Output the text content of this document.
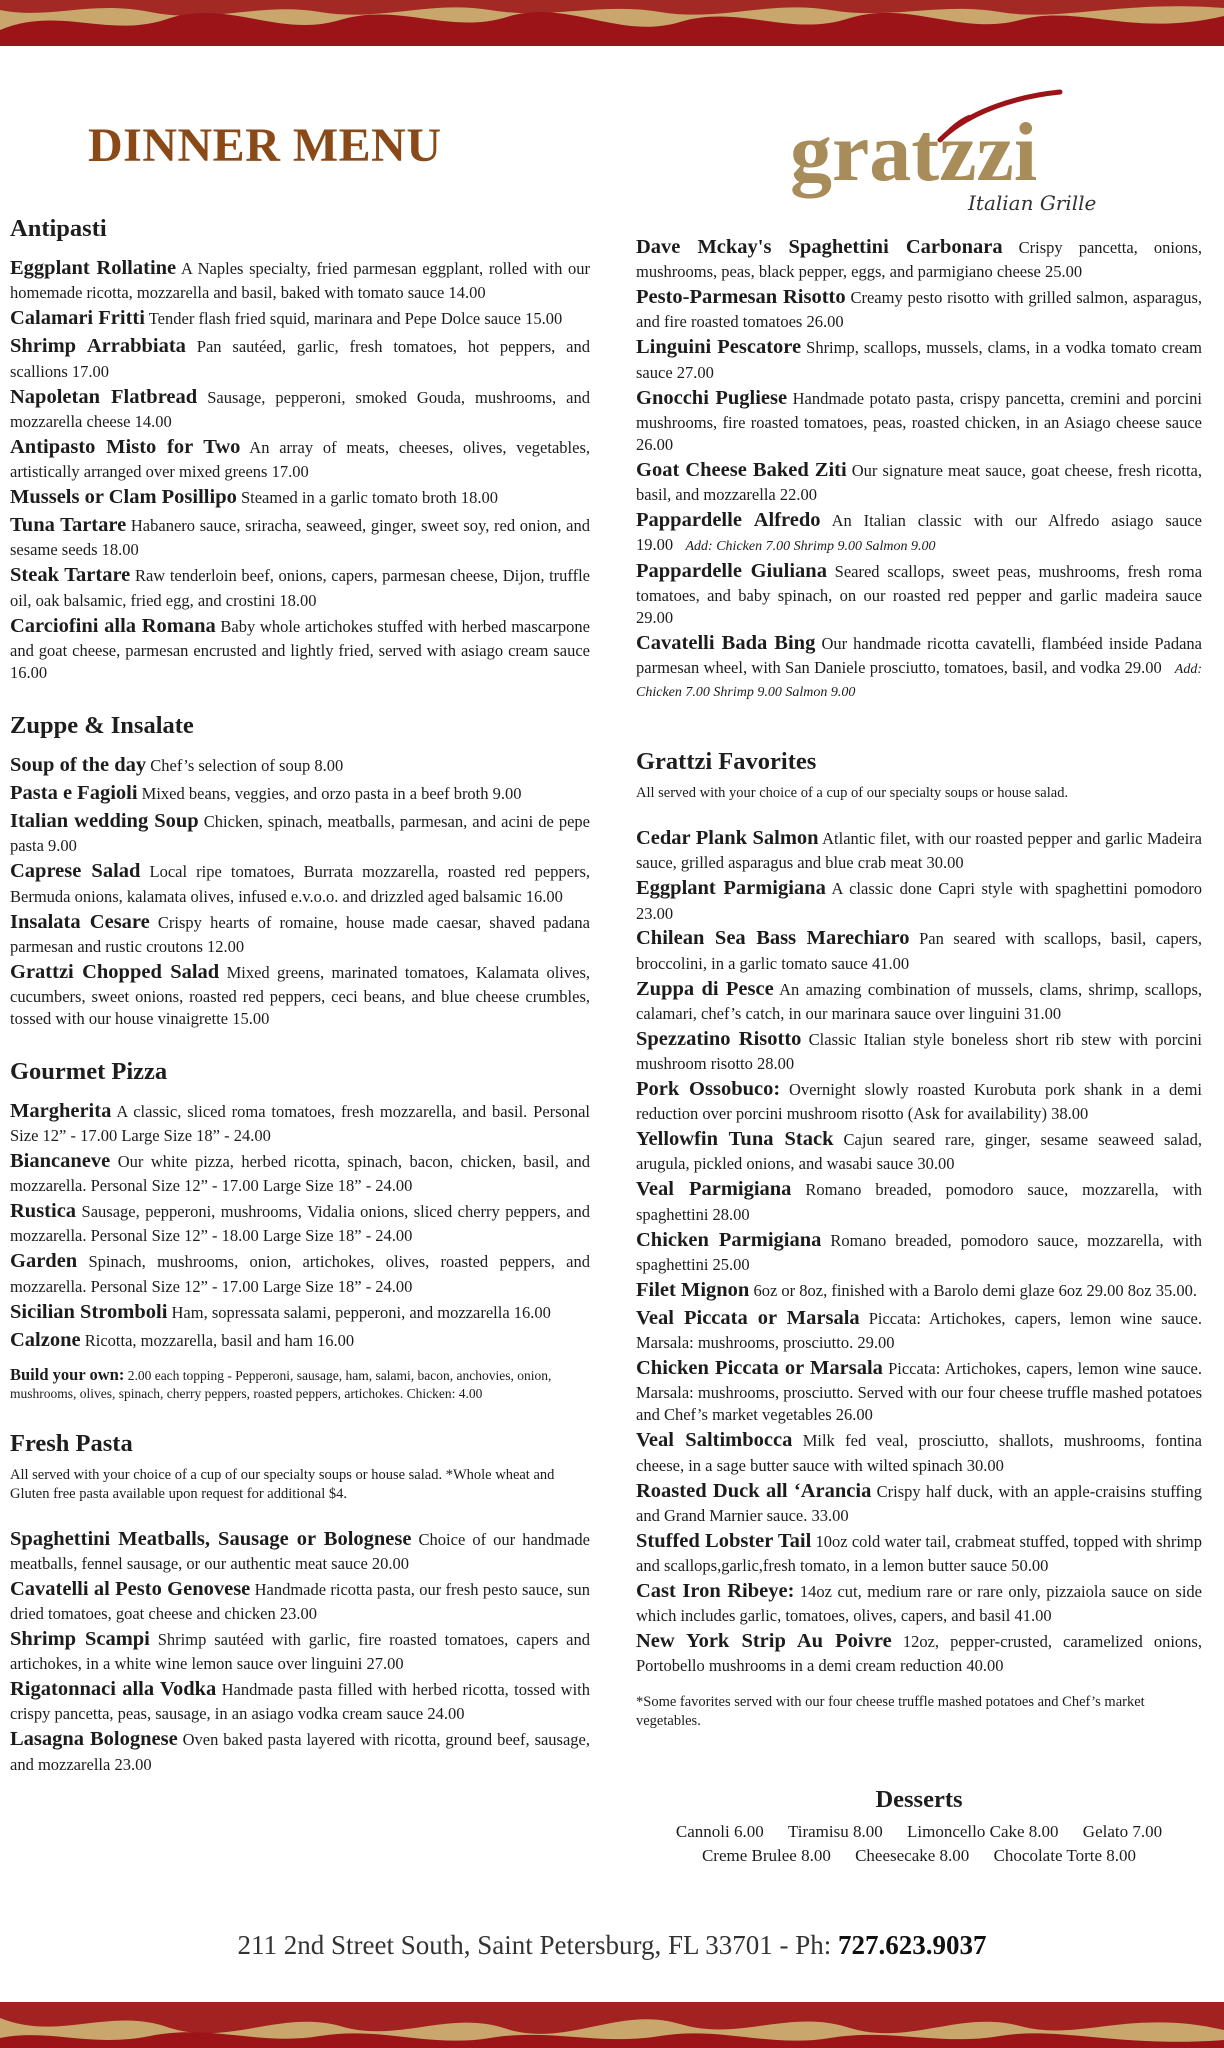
DINNER MENU	gratzzi
Italian Grille
Antipasti

Eggplant Rollatine A Naples specialty, fried parmesan eggplant, rolled with our homemade ricotta, mozzarella and basil, baked with tomato sauce 14.00

Calamari Fritti Tender flash fried squid, marinara and Pepe Dolce sauce 15.00

Shrimp Arrabbiata Pan sautéed, garlic, fresh tomatoes, hot peppers, and scallions 17.00

Napoletan Flatbread Sausage, pepperoni, smoked Gouda, mushrooms, and mozzarella cheese 14.00

Antipasto Misto for Two An array of meats, cheeses, olives, vegetables, artistically arranged over mixed greens 17.00

Mussels or Clam Posillipo Steamed in a garlic tomato broth 18.00

Tuna Tartare Habanero sauce, sriracha, seaweed, ginger, sweet soy, red onion, and sesame seeds 18.00

Steak Tartare Raw tenderloin beef, onions, capers, parmesan cheese, Dijon, truffle oil, oak balsamic, fried egg, and crostini 18.00

Carciofini alla Romana Baby whole artichokes stuffed with herbed mascarpone and goat cheese, parmesan encrusted and lightly fried, served with asiago cream sauce 16.00

Zuppe & Insalate

Soup of the day Chef’s selection of soup 8.00

Pasta e Fagioli Mixed beans, veggies, and orzo pasta in a beef broth 9.00

Italian wedding Soup Chicken, spinach, meatballs, parmesan, and acini de pepe pasta 9.00

Caprese Salad Local ripe tomatoes, Burrata mozzarella, roasted red peppers, Bermuda onions, kalamata olives, infused e.v.o.o. and drizzled aged balsamic 16.00

Insalata Cesare Crispy hearts of romaine, house made caesar, shaved padana parmesan and rustic croutons 12.00

Grattzi Chopped Salad Mixed greens, marinated tomatoes, Kalamata olives, cucumbers, sweet onions, roasted red peppers, ceci beans, and blue cheese crumbles, tossed with our house vinaigrette 15.00

Gourmet Pizza

Margherita A classic, sliced roma tomatoes, fresh mozzarella, and basil. Personal Size 12” - 17.00 Large Size 18” - 24.00

Biancaneve Our white pizza, herbed ricotta, spinach, bacon, chicken, basil, and mozzarella. Personal Size 12” - 17.00 Large Size 18” - 24.00

Rustica Sausage, pepperoni, mushrooms, Vidalia onions, sliced cherry peppers, and mozzarella. Personal Size 12” - 18.00 Large Size 18” - 24.00

Garden Spinach, mushrooms, onion, artichokes, olives, roasted peppers, and mozzarella. Personal Size 12” - 17.00 Large Size 18” - 24.00

Sicilian Stromboli Ham, sopressata salami, pepperoni, and mozzarella 16.00

Calzone Ricotta, mozzarella, basil and ham 16.00

Build your own: 2.00 each topping - Pepperoni, sausage, ham, salami, bacon, anchovies, onion, mushrooms, olives, spinach, cherry peppers, roasted peppers, artichokes. Chicken: 4.00

Fresh Pasta

All served with your choice of a cup of our specialty soups or house salad. *Whole wheat and Gluten free pasta available upon request for additional $4.

Spaghettini Meatballs, Sausage or Bolognese Choice of our handmade meatballs, fennel sausage, or our authentic meat sauce 20.00

Cavatelli al Pesto Genovese Handmade ricotta pasta, our fresh pesto sauce, sun dried tomatoes, goat cheese and chicken 23.00

Shrimp Scampi Shrimp sautéed with garlic, fire roasted tomatoes, capers and artichokes, in a white wine lemon sauce over linguini 27.00

Rigatonnaci alla Vodka Handmade pasta filled with herbed ricotta, tossed with crispy pancetta, peas, sausage, in an asiago vodka cream sauce 24.00

Lasagna Bolognese Oven baked pasta layered with ricotta, ground beef, sausage, and mozzarella 23.00

Dave Mckay's Spaghettini Carbonara Crispy pancetta, onions, mushrooms, peas, black pepper, eggs, and parmigiano cheese 25.00

Pesto-Parmesan Risotto Creamy pesto risotto with grilled salmon, asparagus, and fire roasted tomatoes 26.00

Linguini Pescatore Shrimp, scallops, mussels, clams, in a vodka tomato cream sauce 27.00

Gnocchi Pugliese Handmade potato pasta, crispy pancetta, cremini and porcini mushrooms, fire roasted tomatoes, peas, roasted chicken, in an Asiago cheese sauce 26.00

Goat Cheese Baked Ziti Our signature meat sauce, goat cheese, fresh ricotta, basil, and mozzarella 22.00

Pappardelle Alfredo An Italian classic with our Alfredo asiago sauce 19.00 Add: Chicken 7.00 Shrimp 9.00 Salmon 9.00

Pappardelle Giuliana Seared scallops, sweet peas, mushrooms, fresh roma tomatoes, and baby spinach, on our roasted red pepper and garlic madeira sauce 29.00

Cavatelli Bada Bing Our handmade ricotta cavatelli, flambéed inside Padana parmesan wheel, with San Daniele prosciutto, tomatoes, basil, and vodka 29.00 Add: Chicken 7.00 Shrimp 9.00 Salmon 9.00

Grattzi Favorites

All served with your choice of a cup of our specialty soups or house salad.

Cedar Plank Salmon Atlantic filet, with our roasted pepper and garlic Madeira sauce, grilled asparagus and blue crab meat 30.00

Eggplant Parmigiana A classic done Capri style with spaghettini pomodoro 23.00

Chilean Sea Bass Marechiaro Pan seared with scallops, basil, capers, broccolini, in a garlic tomato sauce 41.00

Zuppa di Pesce An amazing combination of mussels, clams, shrimp, scallops, calamari, chef’s catch, in our marinara sauce over linguini 31.00

Spezzatino Risotto Classic Italian style boneless short rib stew with porcini mushroom risotto 28.00

Pork Ossobuco: Overnight slowly roasted Kurobuta pork shank in a demi reduction over porcini mushroom risotto (Ask for availability) 38.00

Yellowfin Tuna Stack Cajun seared rare, ginger, sesame seaweed salad, arugula, pickled onions, and wasabi sauce 30.00

Veal Parmigiana Romano breaded, pomodoro sauce, mozzarella, with spaghettini 28.00

Chicken Parmigiana Romano breaded, pomodoro sauce, mozzarella, with spaghettini 25.00

Filet Mignon 6oz or 8oz, finished with a Barolo demi glaze 6oz 29.00 8oz 35.00.

Veal Piccata or Marsala Piccata: Artichokes, capers, lemon wine sauce. Marsala: mushrooms, prosciutto. 29.00

Chicken Piccata or Marsala Piccata: Artichokes, capers, lemon wine sauce. Marsala: mushrooms, prosciutto. Served with our four cheese truffle mashed potatoes and Chef’s market vegetables 26.00

Veal Saltimbocca Milk fed veal, prosciutto, shallots, mushrooms, fontina cheese, in a sage butter sauce with wilted spinach 30.00

Roasted Duck all ‘Arancia Crispy half duck, with an apple-craisins stuffing and Grand Marnier sauce. 33.00

Stuffed Lobster Tail 10oz cold water tail, crabmeat stuffed, topped with shrimp and scallops,garlic,fresh tomato, in a lemon butter sauce 50.00

Cast Iron Ribeye: 14oz cut, medium rare or rare only, pizzaiola sauce on side which includes garlic, tomatoes, olives, capers, and basil 41.00

New York Strip Au Poivre 12oz, pepper-crusted, caramelized onions, Portobello mushrooms in a demi cream reduction 40.00

*Some favorites served with our four cheese truffle mashed potatoes and Chef’s market vegetables.

Desserts
Cannoli 6.00 Tiramisu 8.00 Limoncello Cake 8.00 Gelato 7.00
Creme Brulee 8.00 Cheesecake 8.00 Chocolate Torte 8.00
211 2nd Street South, Saint Petersburg, FL 33701 - Ph: 727.623.9037
